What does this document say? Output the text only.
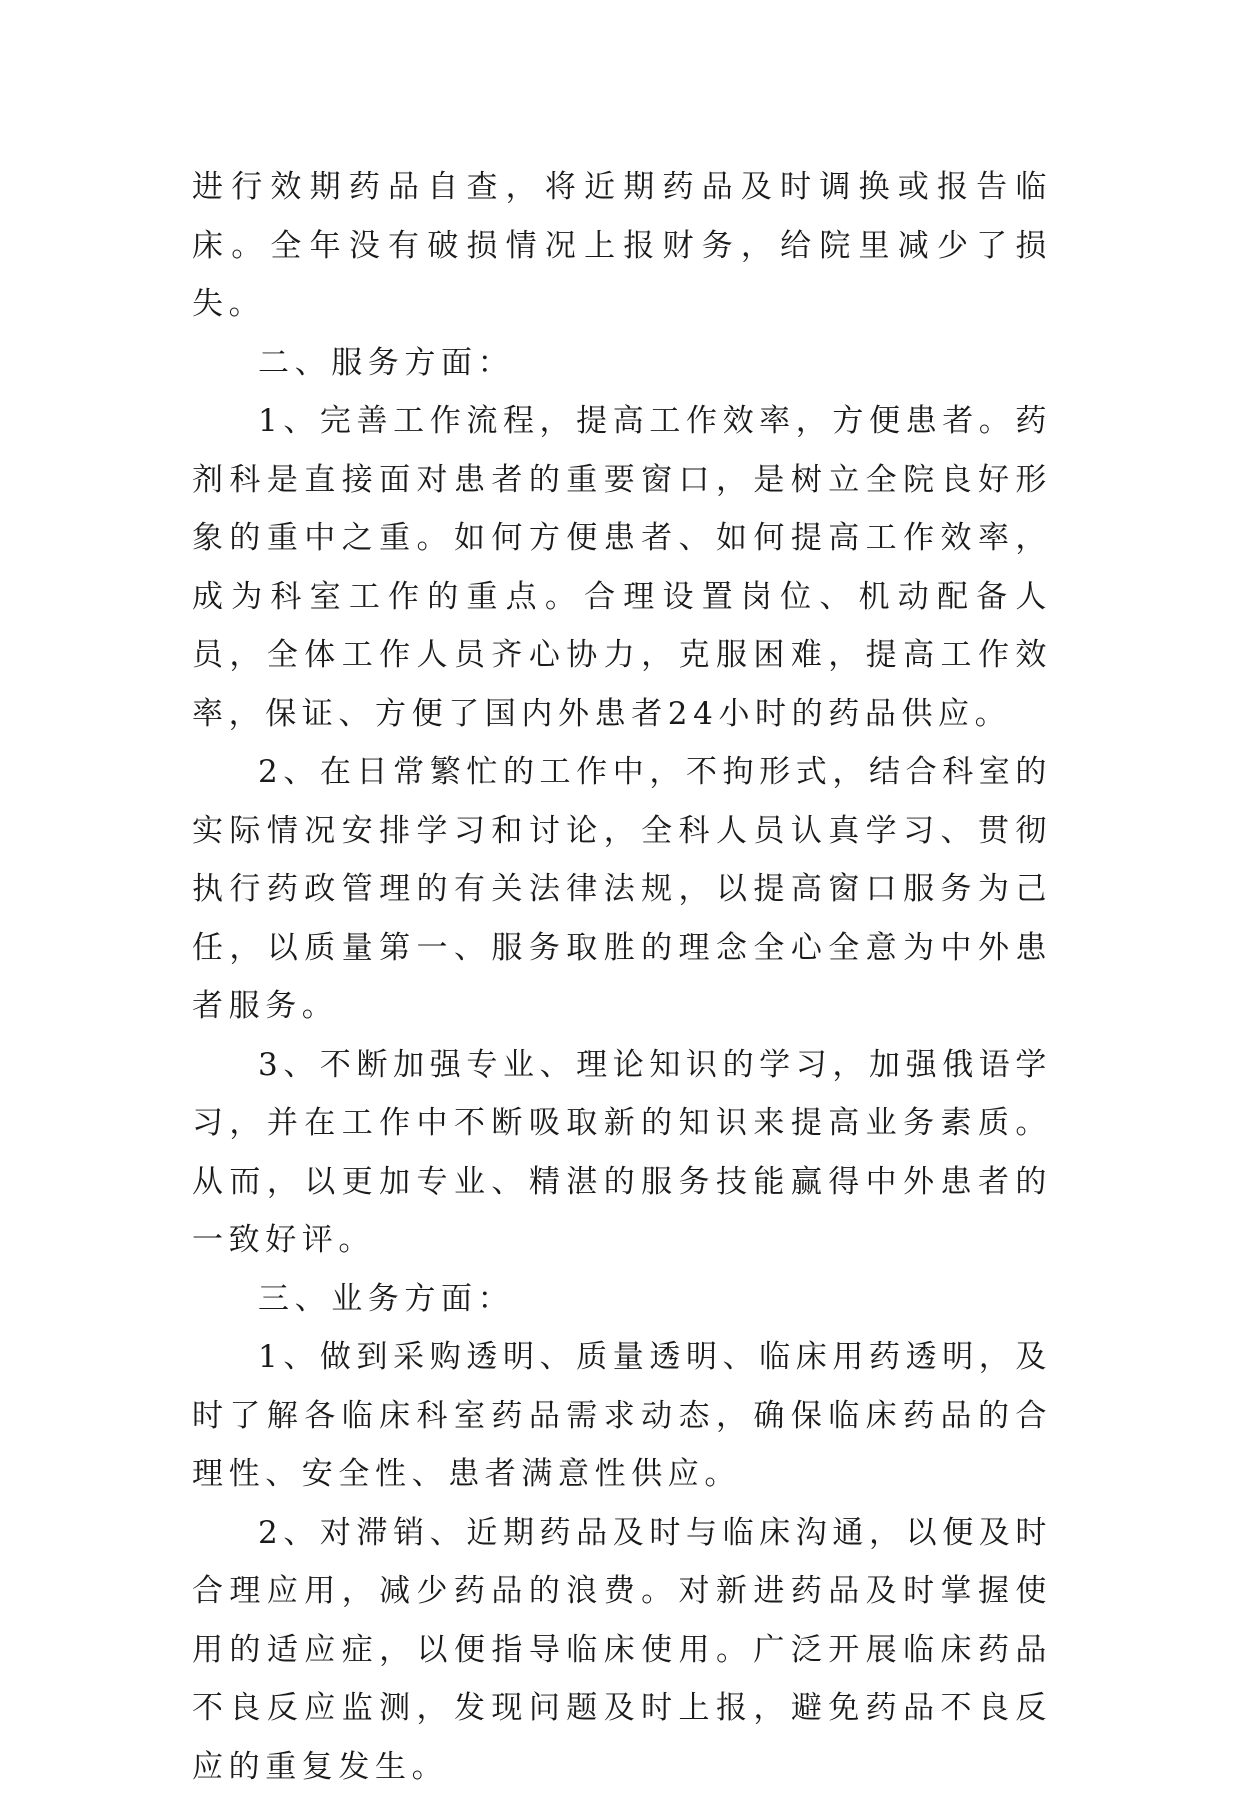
进行效期药品自查，将近期药品及时调换或报告临床。全年没有破损情况上报财务，给院里减少了损失。

二、服务方面：

1、完善工作流程，提高工作效率，方便患者。药剂科是直接面对患者的重要窗口，是树立全院良好形象的重中之重。如何方便患者、如何提高工作效率，成为科室工作的重点。合理设置岗位、机动配备人员，全体工作人员齐心协力，克服困难，提高工作效率，保证、方便了国内外患者24小时的药品供应。

2、在日常繁忙的工作中，不拘形式，结合科室的实际情况安排学习和讨论，全科人员认真学习、贯彻执行药政管理的有关法律法规，以提高窗口服务为己任，以质量第一、服务取胜的理念全心全意为中外患者服务。

3、不断加强专业、理论知识的学习，加强俄语学习，并在工作中不断吸取新的知识来提高业务素质。从而，以更加专业、精湛的服务技能赢得中外患者的一致好评。

三、业务方面：

1、做到采购透明、质量透明、临床用药透明，及时了解各临床科室药品需求动态，确保临床药品的合理性、安全性、患者满意性供应。

2、对滞销、近期药品及时与临床沟通，以便及时合理应用，减少药品的浪费。对新进药品及时掌握使用的适应症，以便指导临床使用。广泛开展临床药品不良反应监测，发现问题及时上报，避免药品不良反应的重复发生。
